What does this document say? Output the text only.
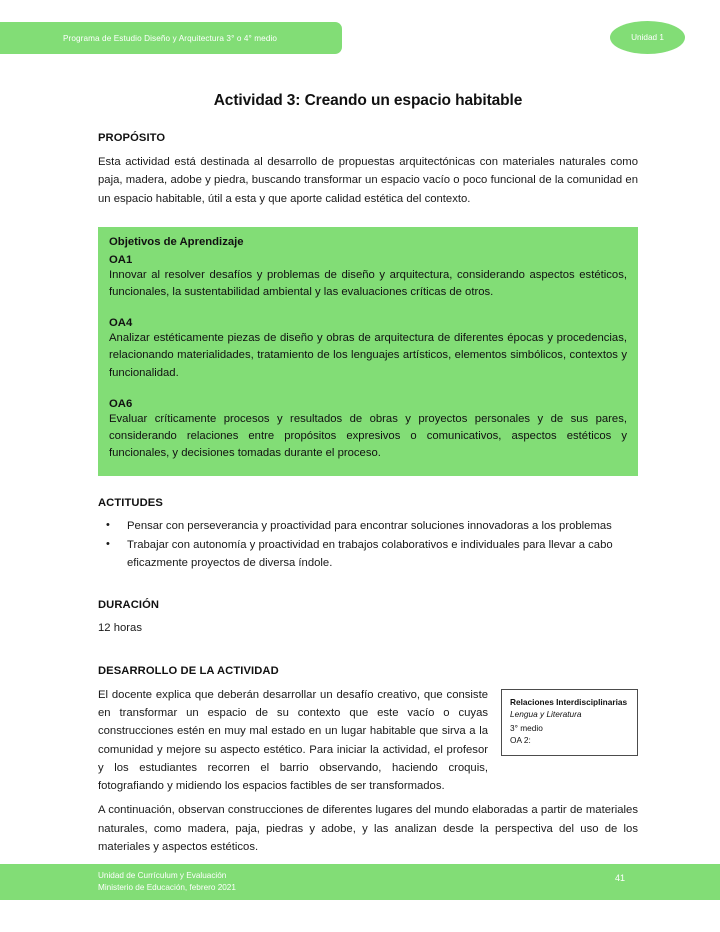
Programa de Estudio Diseño y Arquitectura 3° o 4° medio	Unidad 1
Actividad 3: Creando un espacio habitable
PROPÓSITO

Esta actividad está destinada al desarrollo de propuestas arquitectónicas con materiales naturales como paja, madera, adobe y piedra, buscando transformar un espacio vacío o poco funcional de la comunidad en un espacio habitable, útil a esta y que aporte calidad estética del contexto.

Objetivos de Aprendizaje
OA1
Innovar al resolver desafíos y problemas de diseño y arquitectura, considerando aspectos estéticos, funcionales, la sustentabilidad ambiental y las evaluaciones críticas de otros.
OA4
Analizar estéticamente piezas de diseño y obras de arquitectura de diferentes épocas y procedencias, relacionando materialidades, tratamiento de los lenguajes artísticos, elementos simbólicos, contextos y funcionalidad.
OA6
Evaluar críticamente procesos y resultados de obras y proyectos personales y de sus pares, considerando relaciones entre propósitos expresivos o comunicativos, aspectos estéticos y funcionales, y decisiones tomadas durante el proceso.
ACTITUDES
• Pensar con perseverancia y proactividad para encontrar soluciones innovadoras a los problemas
• Trabajar con autonomía y proactividad en trabajos colaborativos e individuales para llevar a cabo eficazmente proyectos de diversa índole.
DURACIÓN

12 horas

DESARROLLO DE LA ACTIVIDAD
Relaciones Interdisciplinarias
Lengua y Literatura
3° medio
OA 2:

El docente explica que deberán desarrollar un desafío creativo, que consiste en transformar un espacio de su contexto que este vacío o cuyas construcciones estén en muy mal estado en un lugar habitable que sirva a la comunidad y mejore su aspecto estético. Para iniciar la actividad, el profesor y los estudiantes recorren el barrio observando, haciendo croquis, fotografiando y midiendo los espacios factibles de ser transformados.

A continuación, observan construcciones de diferentes lugares del mundo elaboradas a partir de materiales naturales, como madera, paja, piedras y adobe, y las analizan desde la perspectiva del uso de los materiales y aspectos estéticos.

Unidad de Currículum y Evaluación
Ministerio de Educación, febrero 2021
41
